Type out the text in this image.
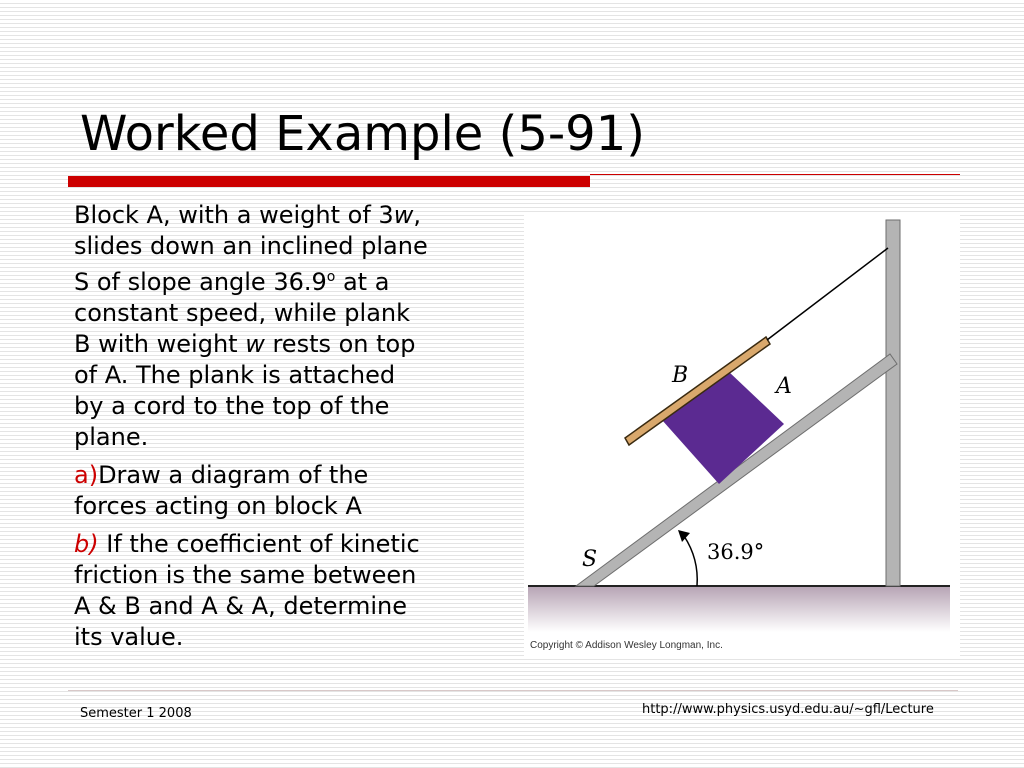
Worked Example (5-91)

Block A, with a weight of 3w,
slides down an inclined plane
S of slope angle 36.9$^o$ at a
constant speed, while plank
B with weight w rests on top
of A. The plank is attached
by a cord to the top of the
plane.

a)Draw a diagram of the
forces acting on block A

b) If the coefficient of kinetic
friction is the same between
A & B and A & A, determine
its value.

B	A
S	36.9°
Copyright © Addison Wesley Longman, Inc.
Semester 1 2008	http://www.physics.usyd.edu.au/~gfl/Lecture
